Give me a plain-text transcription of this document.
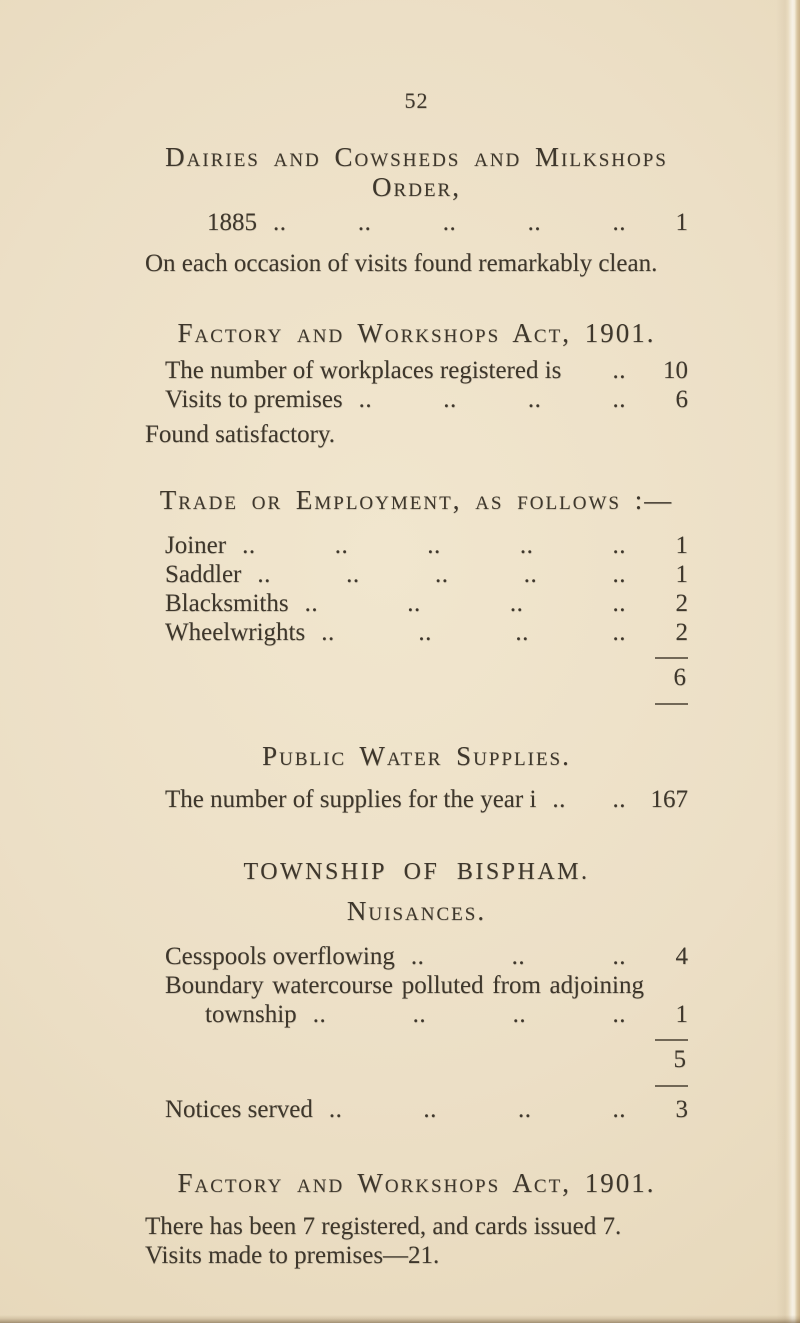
52
Dairies and Cowsheds and Milkshops Order,
1885 .. .. .. .. ..	1
On each occasion of visits found remarkably clean.
Factory and Workshops Act, 1901.
The number of workplaces registered is	..	10
Visits to premises .. .. .. ..	6
Found satisfactory.
Trade or Employment, as follows :—
Joiner .. .. .. .. ..	1
Saddler .. .. .. .. ..	1
Blacksmiths .. .. .. ..	2
Wheelwrights .. .. .. ..	2
6
Public Water Supplies.
The number of supplies for the year i .. .. 167
TOWNSHIP OF BISPHAM.
Nuisances.
Cesspools overflowing .. .. ..	4
Boundary watercourse polluted from adjoining
township .. .. .. ..	1
5
Notices served .. .. .. ..	3
Factory and Workshops Act, 1901.
There has been 7 registered, and cards issued 7.
Visits made to premises—21.
